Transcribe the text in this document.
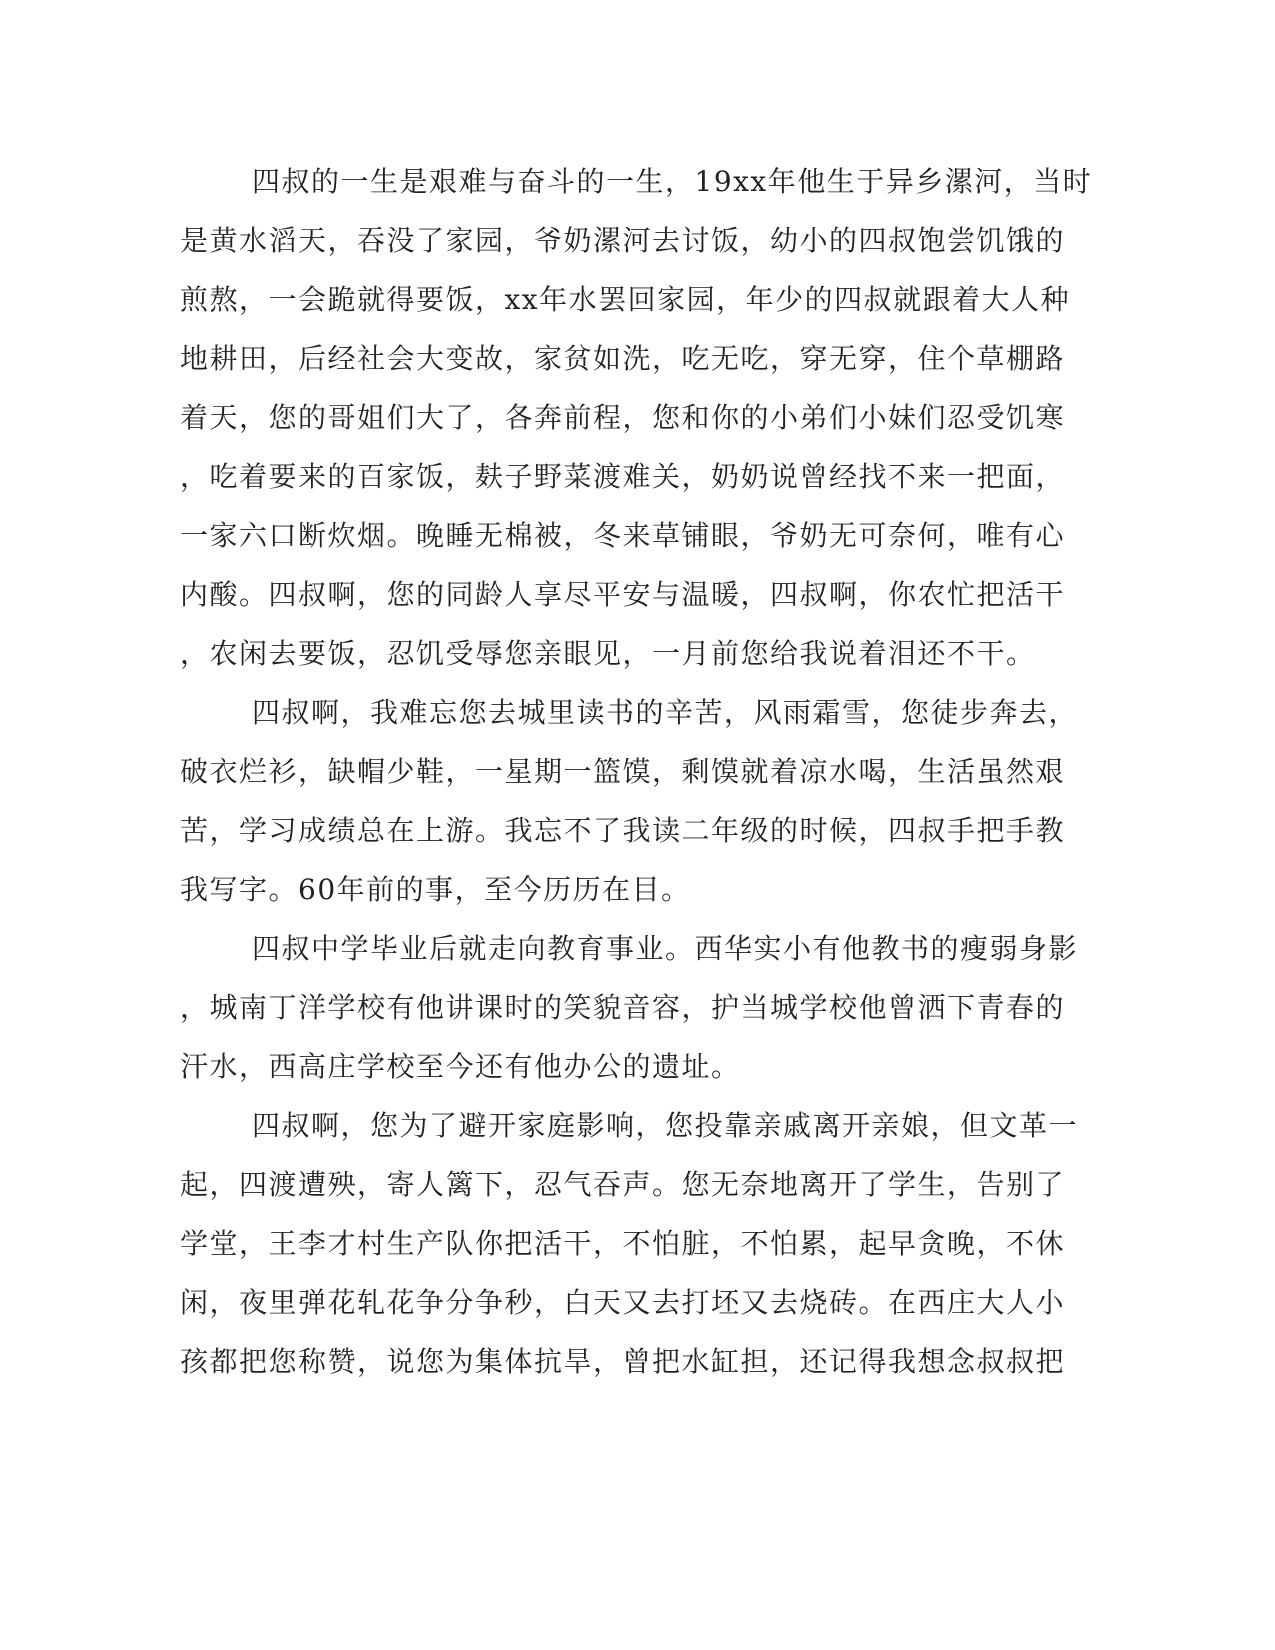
四叔的一生是艰难与奋斗的一生，19xx年他生于异乡漯河，当时
是黄水滔天，吞没了家园，爷奶漯河去讨饭，幼小的四叔饱尝饥饿的
煎熬，一会跪就得要饭，xx年水罢回家园，年少的四叔就跟着大人种
地耕田，后经社会大变故，家贫如洗，吃无吃，穿无穿，住个草棚路
着天，您的哥姐们大了，各奔前程，您和你的小弟们小妹们忍受饥寒
，吃着要来的百家饭，麸子野菜渡难关，奶奶说曾经找不来一把面，
一家六口断炊烟。晚睡无棉被，冬来草铺眼，爷奶无可奈何，唯有心
内酸。四叔啊，您的同龄人享尽平安与温暖，四叔啊，你农忙把活干
，农闲去要饭，忍饥受辱您亲眼见，一月前您给我说着泪还不干。
四叔啊，我难忘您去城里读书的辛苦，风雨霜雪，您徒步奔去，
破衣烂衫，缺帽少鞋，一星期一篮馍，剩馍就着凉水喝，生活虽然艰
苦，学习成绩总在上游。我忘不了我读二年级的时候，四叔手把手教
我写字。60年前的事，至今历历在目。
四叔中学毕业后就走向教育事业。西华实小有他教书的瘦弱身影
，城南丁洋学校有他讲课时的笑貌音容，护当城学校他曾洒下青春的
汗水，西高庄学校至今还有他办公的遗址。
四叔啊，您为了避开家庭影响，您投靠亲戚离开亲娘，但文革一
起，四渡遭殃，寄人篱下，忍气吞声。您无奈地离开了学生，告别了
学堂，王李才村生产队你把活干，不怕脏，不怕累，起早贪晚，不休
闲，夜里弹花轧花争分争秒，白天又去打坯又去烧砖。在西庄大人小
孩都把您称赞，说您为集体抗旱，曾把水缸担，还记得我想念叔叔把
